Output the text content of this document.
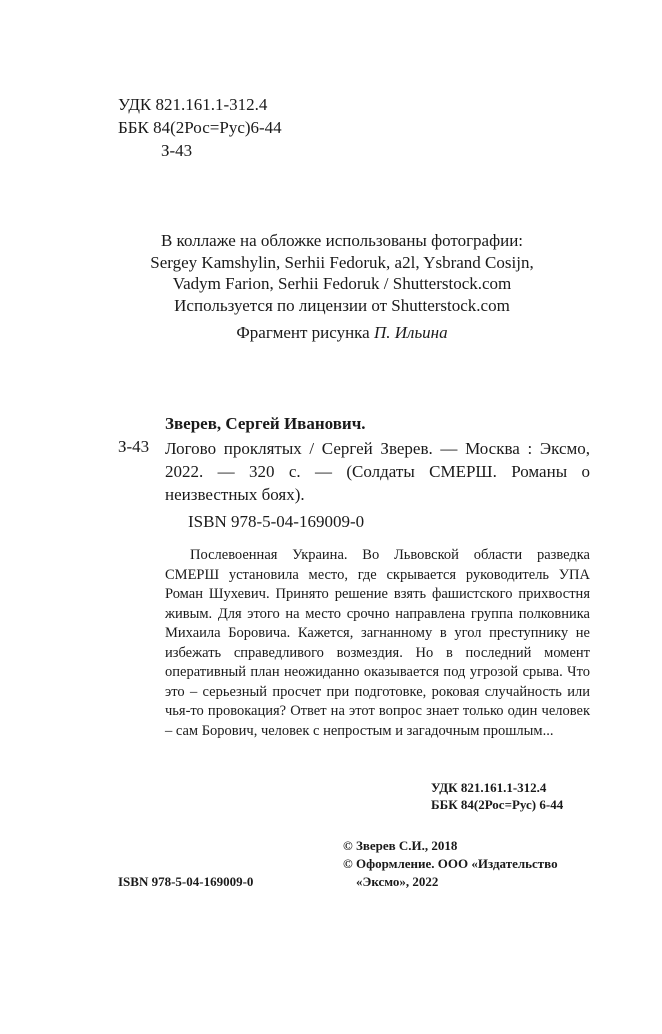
УДК 821.161.1-312.4
ББК 84(2Рос=Рус)6-44
З-43
В коллаже на обложке использованы фотографии:
Sergey Kamshylin, Serhii Fedoruk, a2l, Ysbrand Cosijn,
Vadym Farion, Serhii Fedoruk / Shutterstock.com
Используется по лицензии от Shutterstock.com
Фрагмент рисунка П. Ильина
Зверев, Сергей Иванович.
З-43 Логово проклятых / Сергей Зверев. — Москва : Эксмо, 2022. — 320 с. — (Солдаты СМЕРШ. Романы о неизвестных боях).
ISBN 978-5-04-169009-0
Послевоенная Украина. Во Львовской области разведка СМЕРШ установила место, где скрывается руководитель УПА Роман Шухевич. Принято решение взять фашистского прихвостня живым. Для этого на место срочно направлена группа полковника Михаила Боровича. Кажется, загнанному в угол преступнику не избежать справедливого возмездия. Но в последний момент оперативный план неожиданно оказывается под угрозой срыва. Что это – серьезный просчет при подготовке, роковая случайность или чья-то провокация? Ответ на этот вопрос знает только один человек – сам Борович, человек с непростым и загадочным прошлым...
УДК 821.161.1-312.4
ББК 84(2Рос=Рус) 6-44
© Зверев С.И., 2018
© Оформление. ООО «Издательство
ISBN 978-5-04-169009-0	«Эксмо», 2022
